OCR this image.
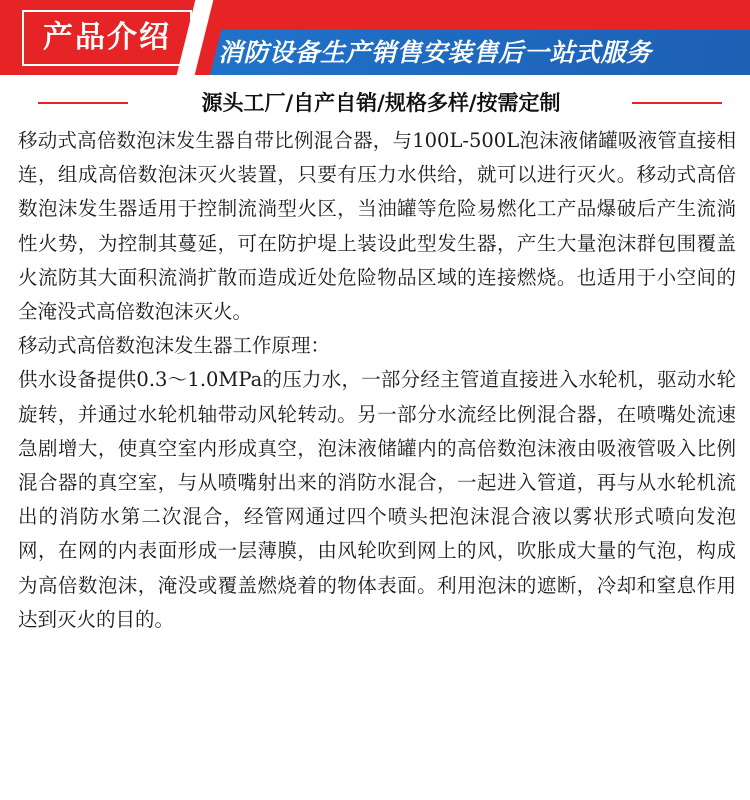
产品介绍	消防设备生产销售安装售后一站式服务
源头工厂/自产自销/规格多样/按需定制

移动式高倍数泡沫发生器自带比例混合器，与100L-500L泡沫液储罐吸液管直接相连，组成高倍数泡沫灭火装置，只要有压力水供给，就可以进行灭火。移动式高倍数泡沫发生器适用于控制流淌型火区，当油罐等危险易燃化工产品爆破后产生流淌性火势，为控制其蔓延，可在防护堤上装设此型发生器，产生大量泡沫群包围覆盖火流防其大面积流淌扩散而造成近处危险物品区域的连接燃烧。也适用于小空间的全淹没式高倍数泡沫灭火。

移动式高倍数泡沫发生器工作原理：

供水设备提供0.3～1.0MPa的压力水，一部分经主管道直接进入水轮机，驱动水轮旋转，并通过水轮机轴带动风轮转动。另一部分水流经比例混合器，在喷嘴处流速急剧增大，使真空室内形成真空，泡沫液储罐内的高倍数泡沫液由吸液管吸入比例混合器的真空室，与从喷嘴射出来的消防水混合，一起进入管道，再与从水轮机流出的消防水第二次混合，经管网通过四个喷头把泡沫混合液以雾状形式喷向发泡网，在网的内表面形成一层薄膜，由风轮吹到网上的风，吹胀成大量的气泡，构成为高倍数泡沫，淹没或覆盖燃烧着的物体表面。利用泡沫的遮断，冷却和窒息作用达到灭火的目的。
